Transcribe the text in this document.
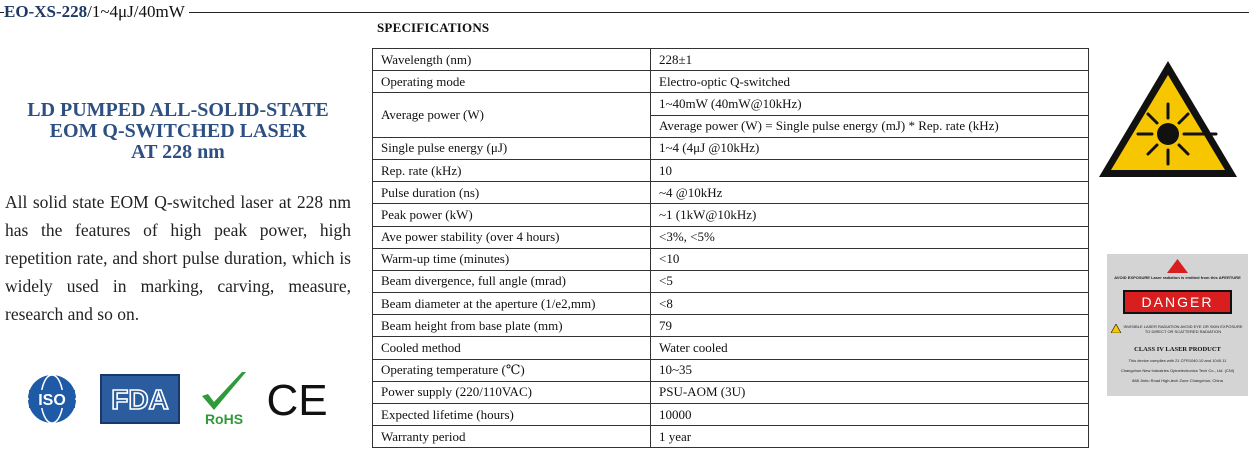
EO-XS-228/1~4μJ/40mW
LD PUMPED ALL-SOLID-STATE
EOM Q-SWITCHED LASER
AT 228 nm
All solid state EOM Q-switched laser at 228 nm has the features of high peak power, high repetition rate, and short pulse duration, which is widely used in marking, carving, measure, research and so on.
ISO FDA
RoHS CE
SPECIFICATIONS
Wavelength (nm)	228±1
Operating mode	Electro-optic Q-switched
Average power (W)	1~40mW (40mW@10kHz)
	Average power (W) = Single pulse energy (mJ) * Rep. rate (kHz)
Single pulse energy (μJ)	1~4 (4μJ @10kHz)
Rep. rate (kHz)	10
Pulse duration (ns)	~4 @10kHz
Peak power (kW)	~1 (1kW@10kHz)
Ave power stability (over 4 hours)	<3%, <5%
Warm-up time (minutes)	<10
Beam divergence, full angle (mrad)	<5
Beam diameter at the aperture (1/e2,mm)	<8
Beam height from base plate (mm)	79
Cooled method	Water cooled
Operating temperature (℃)	10~35
Power supply (220/110VAC)	PSU-AOM (3U)
Expected lifetime (hours)	10000
Warranty period	1 year
AVOID EXPOSURE Laser radiation is emitted from this APERTURE
DANGER
INVISIBLE LASER RADIATION AVOID EYE OR SKIN EXPOSURE TO DIRECT OR SCATTERED RADIATION
CLASS IV LASER PRODUCT
This device complies with 21 CFR1040.10 and 1040.11
Changchun New Industries Optoelectronics Tech Co., Ltd. (CNI)
888 Jinhu Road High-tech Zone Changchun, China
